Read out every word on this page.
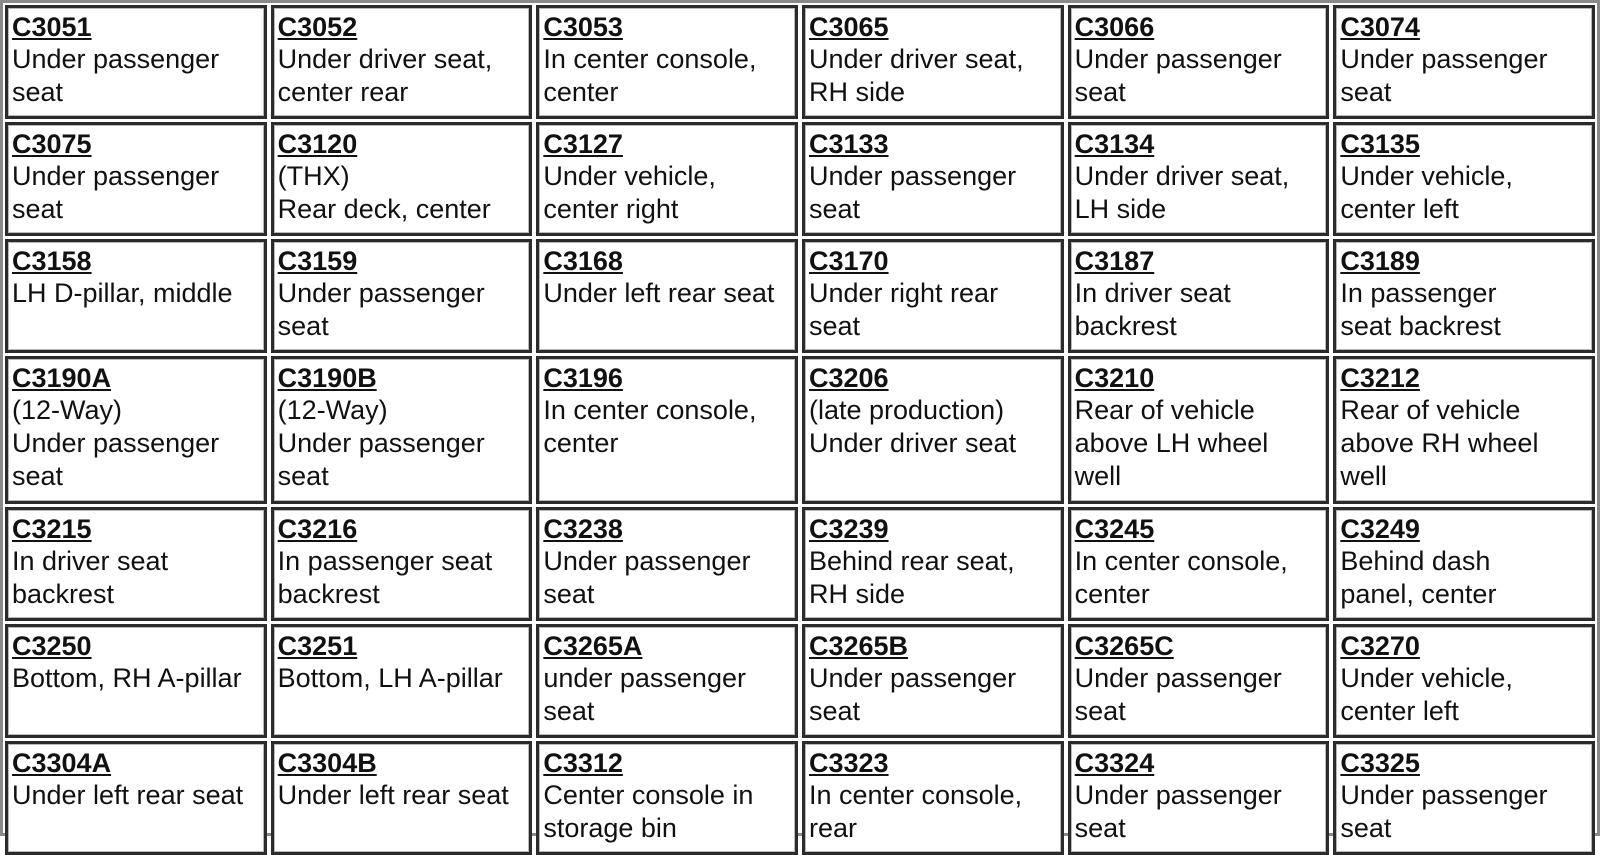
C3051
Under passenger
seat
C3052
Under driver seat,
center rear
C3053
In center console,
center
C3065
Under driver seat,
RH side
C3066
Under passenger
seat
C3074
Under passenger
seat
C3075
Under passenger
seat
C3120
(THX)
Rear deck, center
C3127
Under vehicle,
center right
C3133
Under passenger
seat
C3134
Under driver seat,
LH side
C3135
Under vehicle,
center left
C3158
LH D-pillar, middle
C3159
Under passenger
seat
C3168
Under left rear seat
C3170
Under right rear
seat
C3187
In driver seat
backrest
C3189
In passenger
seat backrest
C3190A
(12-Way)
Under passenger
seat
C3190B
(12-Way)
Under passenger
seat
C3196
In center console,
center
C3206
(late production)
Under driver seat
C3210
Rear of vehicle
above LH wheel
well
C3212
Rear of vehicle
above RH wheel
well
C3215
In driver seat
backrest
C3216
In passenger seat
backrest
C3238
Under passenger
seat
C3239
Behind rear seat,
RH side
C3245
In center console,
center
C3249
Behind dash
panel, center
C3250
Bottom, RH A-pillar
C3251
Bottom, LH A-pillar
C3265A
under passenger
seat
C3265B
Under passenger
seat
C3265C
Under passenger
seat
C3270
Under vehicle,
center left
C3304A
Under left rear seat
C3304B
Under left rear seat
C3312
Center console in
storage bin
C3323
In center console,
rear
C3324
Under passenger
seat
C3325
Under passenger
seat
